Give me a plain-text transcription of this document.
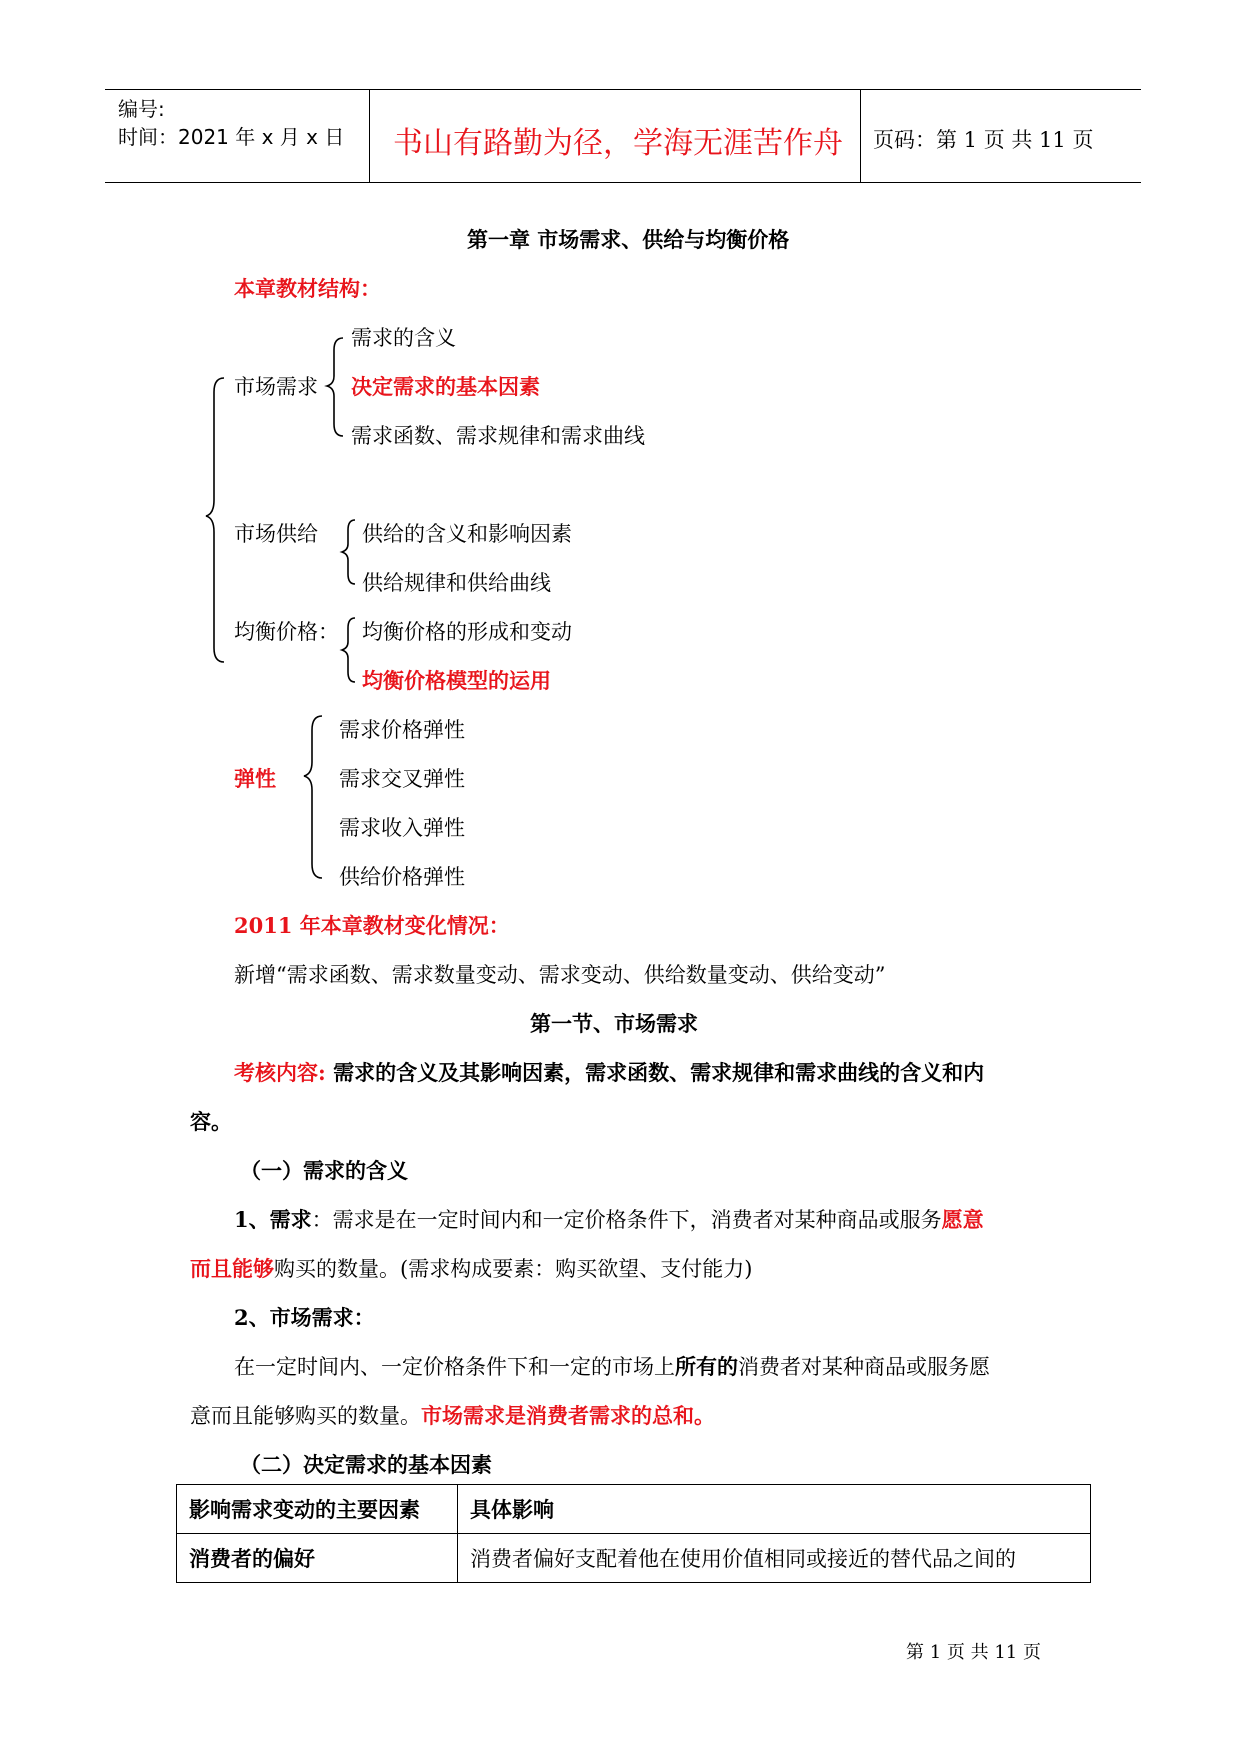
编号:
时间：2021 年 x 月 x 日 书山有路勤为径，学海无涯苦作舟 页码：第 1 页 共 11 页
第一章 市场需求、供给与均衡价格
本章教材结构：
市场需求
需求的含义
决定需求的基本因素
需求函数、需求规律和需求曲线
市场供给 供给的含义和影响因素
供给规律和供给曲线
均衡价格： 均衡价格的形成和变动
均衡价格模型的运用
弹性
需求价格弹性
需求交叉弹性
需求收入弹性
供给价格弹性
2011 年本章教材变化情况：
新增“需求函数、需求数量变动、需求变动、供给数量变动、供给变动”
第一节、市场需求
考核内容: 需求的含义及其影响因素，需求函数、需求规律和需求曲线的含义和内
容。
（一）需求的含义
1、需求：需求是在一定时间内和一定价格条件下，消费者对某种商品或服务愿意
而且能够购买的数量。(需求构成要素：购买欲望、支付能力)
2、市场需求：
在一定时间内、一定价格条件下和一定的市场上所有的消费者对某种商品或服务愿
意而且能够购买的数量。市场需求是消费者需求的总和。
（二）决定需求的基本因素
影响需求变动的主要因素	具体影响
消费者的偏好	消费者偏好支配着他在使用价值相同或接近的替代品之间的
第 1 页 共 11 页
